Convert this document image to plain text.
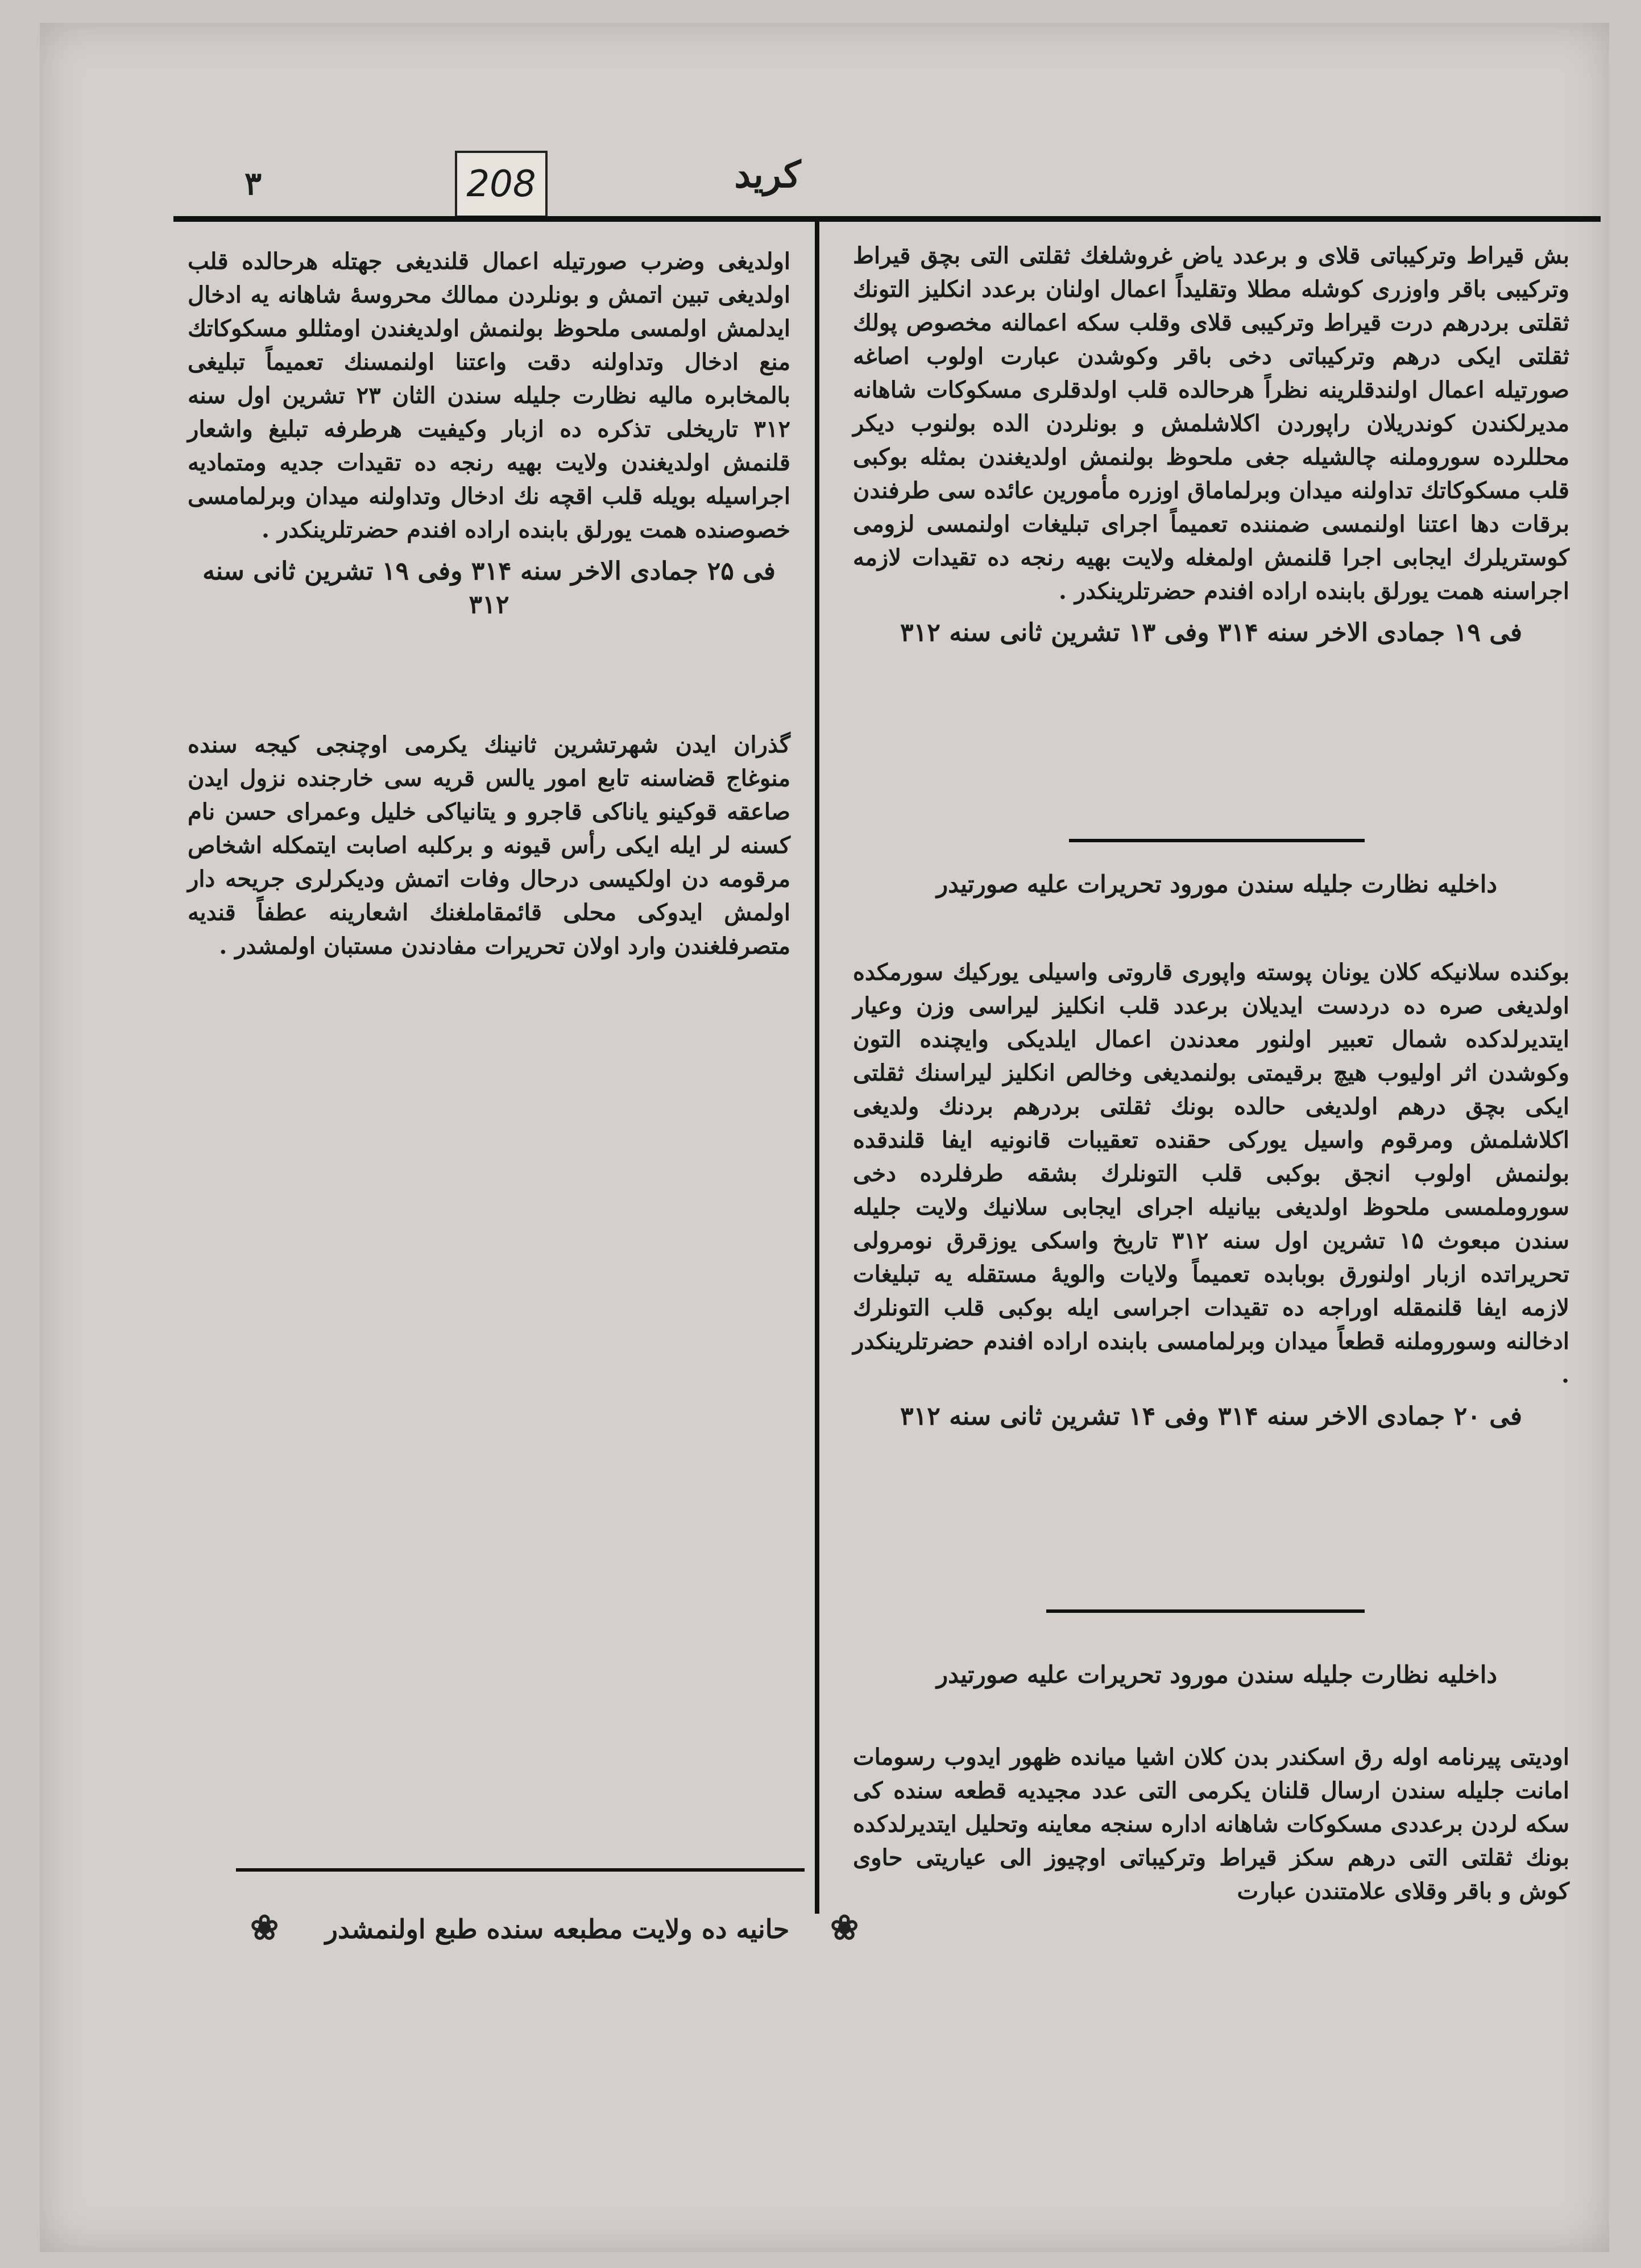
٣	208	کرید

اولدیغی وضرب صورتیله اعمال قلندیغی جهتله هرحالده قلب اولدیغی تبین اتمش و بونلردن ممالك محروسهٔ شاهانه یه ادخال ایدلمش اولمسی ملحوظ بولنمش اولدیغندن اومثللو مسکوکاتك منع ادخال وتداولنه دقت واعتنا اولنمسنك تعمیماً تبلیغی بالمخابره مالیه نظارت جلیله سندن الثان ۲۳ تشرین اول سنه ۳۱۲ تاریخلی تذکره ده ازبار وکیفیت هرطرفه تبلیغ واشعار قلنمش اولدیغندن ولایت بهیه رنجه ده تقیدات جدیه ومتمادیه اجراسیله بویله قلب اقچه نك ادخال وتداولنه میدان وبرلمامسی خصوصنده همت یورلق بابنده اراده افندم حضرتلرینکدر .

فی ۲۵ جمادی الاخر سنه ۳۱۴ وفی ۱۹ تشرین ثانی سنه ۳۱۲

گذران ایدن شهرتشرین ثانینك یکرمی اوچنجی کیجه سنده منوغاج قضاسنه تابع امور یالس قریه سی خارجنده نزول ایدن صاعقه قوکینو یاناکی قاجرو و یتانیاکی خلیل وعمرای حسن نام کسنه لر ایله ایکی رأس قیونه و برکلبه اصابت ایتمکله اشخاص مرقومه دن اولکیسی درحال وفات اتمش ودیکرلری جریحه دار اولمش ایدوکی محلی قائمقاملغنك اشعارینه عطفاً قندیه متصرفلغندن وارد اولان تحریرات مفادندن مستبان اولمشدر .

حانیه ده ولایت مطبعه سنده طبع اولنمشدر
❀	❀

بش قیراط وترکیباتی قلای و برعدد یاض غروشلغك ثقلتی التی بچق قیراط وترکیبی باقر واوزری کوشله مطلا وتقلیداً اعمال اولنان برعدد انکلیز التونك ثقلتی بردرهم درت قیراط وترکیبی قلای وقلب سکه اعمالنه مخصوص پولك ثقلتی ایکی درهم وترکیباتی دخی باقر وکوشدن عبارت اولوب اصاغه صورتیله اعمال اولندقلرینه نظراً هرحالده قلب اولدقلری مسکوکات شاهانه مدیرلکندن کوندریلان راپوردن اکلاشلمش و بونلردن الده بولنوب دیکر محللرده سوروملنه چالشیله جغی ملحوظ بولنمش اولدیغندن بمثله بوکبی قلب مسکوکاتك تداولنه میدان وبرلماماق اوزره مأمورین عائده سی طرفندن برقات دها اعتنا اولنمسی ضمننده تعمیماً اجرای تبلیغات اولنمسی لزومی کوستریلرك ایجابی اجرا قلنمش اولمغله ولایت بهیه رنجه ده تقیدات لازمه اجراسنه همت یورلق بابنده اراده افندم حضرتلرینکدر .

فی ۱۹ جمادی الاخر سنه ۳۱۴ وفی ۱۳ تشرین ثانی سنه ۳۱۲
داخلیه نظارت جلیله سندن مورود تحریرات علیه صورتیدر

بوکنده سلانیکه کلان یونان پوسته واپوری قاروتی واسیلی یورکیك سورمکده اولدیغی صره ده دردست ایدیلان برعدد قلب انکلیز لیراسی وزن وعیار ایتدیرلدکده شمال تعبیر اولنور معدندن اعمال ایلدیکی وایچنده التون وکوشدن اثر اولیوب هیچ برقیمتی بولنمدیغی وخالص انکلیز لیراسنك ثقلتی ایکی بچق درهم اولدیغی حالده بونك ثقلتی بردرهم بردنك ولدیغی اکلاشلمش ومرقوم واسیل یورکی حقنده تعقیبات قانونیه ایفا قلندقده بولنمش اولوب انجق بوکبی قلب التونلرك بشقه طرفلرده دخی سوروملمسی ملحوظ اولدیغی بیانیله اجرای ایجابی سلانیك ولایت جلیله سندن مبعوث ۱۵ تشرین اول سنه ۳۱۲ تاریخ واسکی یوزقرق نومرولی تحریراتده ازبار اولنورق بوبابده تعمیماً ولایات والویهٔ مستقله یه تبلیغات لازمه ایفا قلنمقله اوراجه ده تقیدات اجراسی ایله بوکبی قلب التونلرك ادخالنه وسوروملنه قطعاً میدان وبرلمامسی بابنده اراده افندم حضرتلرینکدر .

فی ۲۰ جمادی الاخر سنه ۳۱۴ وفی ۱۴ تشرین ثانی سنه ۳۱۲
داخلیه نظارت جلیله سندن مورود تحریرات علیه صورتیدر

اودیتی پیرنامه اوله رق اسکندر بدن کلان اشیا میانده ظهور ایدوب رسومات امانت جلیله سندن ارسال قلنان یکرمی التی عدد مجیدیه قطعه سنده کی سکه لردن برعددی مسکوکات شاهانه اداره سنجه معاینه وتحلیل ایتدیرلدکده بونك ثقلتی التی درهم سکز قیراط وترکیباتی اوچیوز الی عیاریتی حاوی کوش و باقر وقلای علامتندن عبارت
